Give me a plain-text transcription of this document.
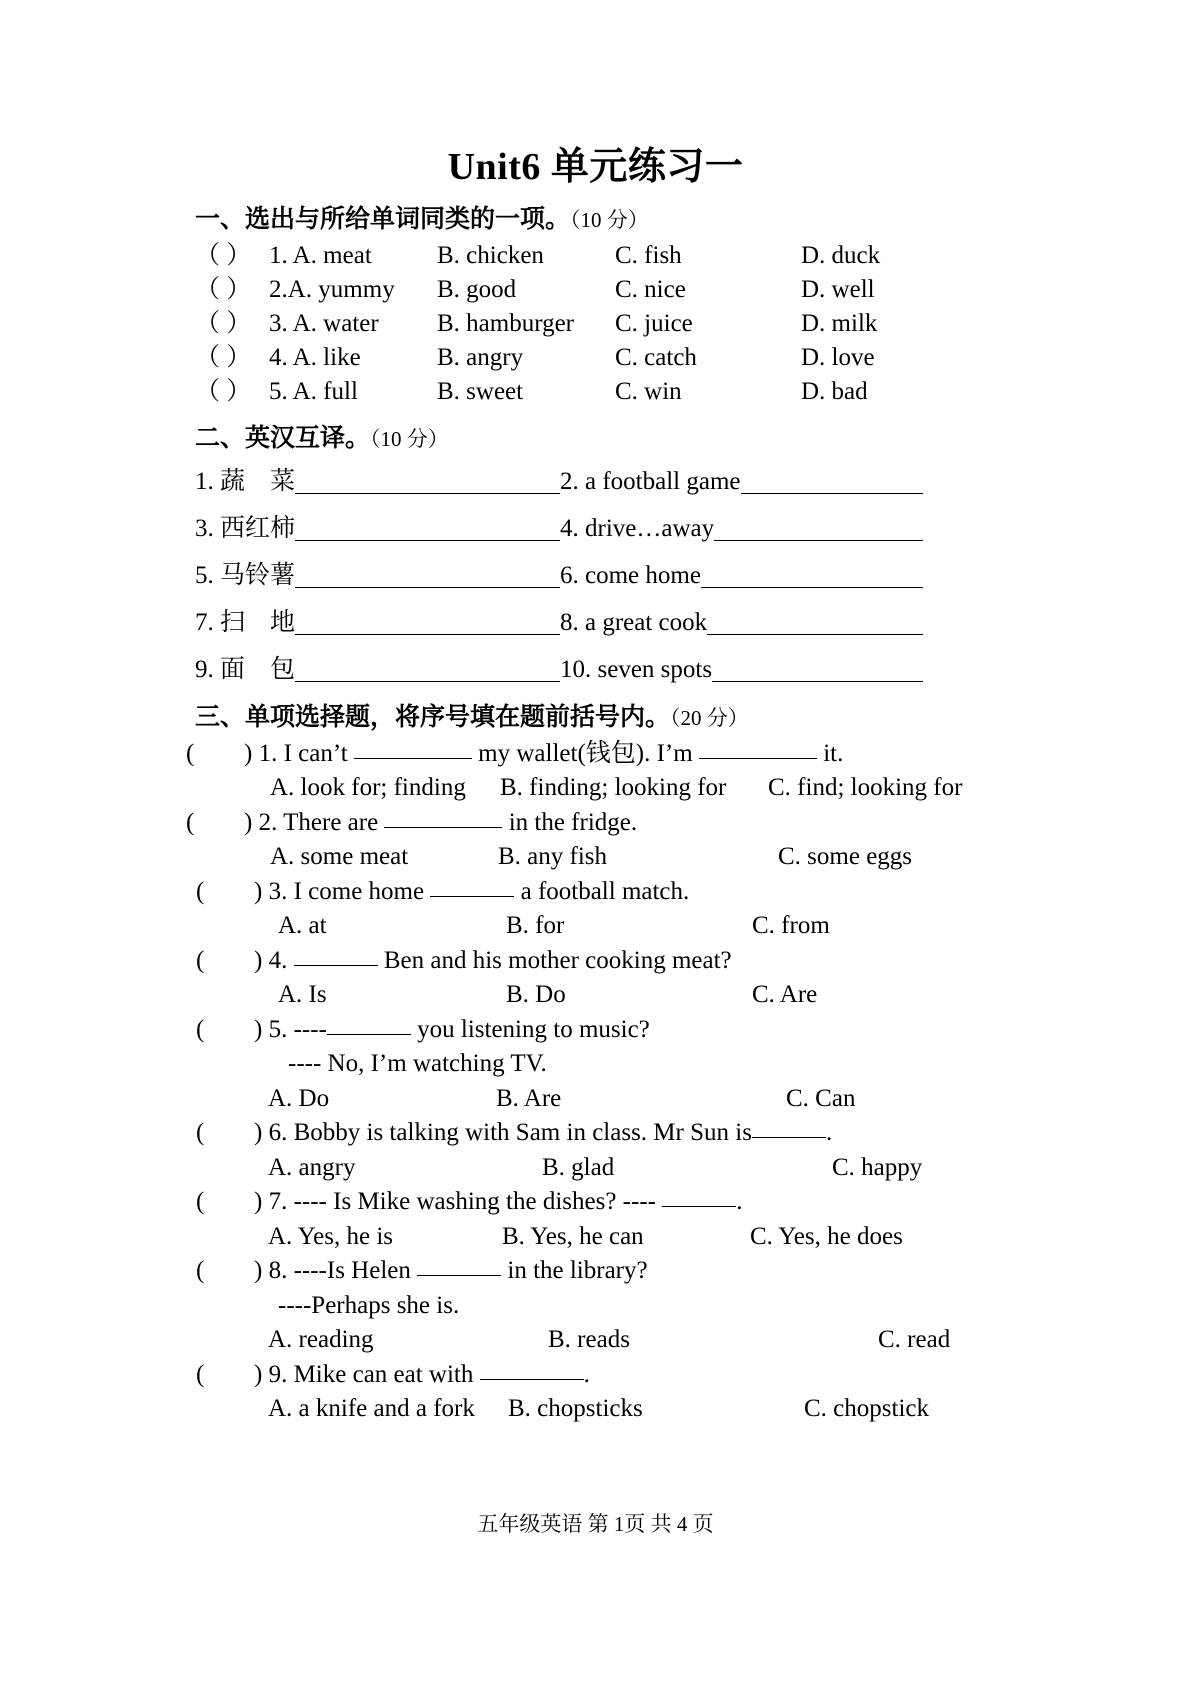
Unit6 单元练习一
一、选出与所给单词同类的一项。（10 分）
（ ） 1. A. meat	B. chicken	C. fish	D. duck
（ ） 2.A. yummy	B. good	C. nice	D. well
（ ） 3. A. water	B. hamburger	C. juice	D. milk
（ ） 4. A. like	B. angry	C. catch	D. love
（ ） 5. A. full	B. sweet	C. win	D. bad
二、英汉互译。（10 分）
1. 蔬　菜	2. a football game
3. 西红柿	4. drive…away
5. 马铃薯	6. come home
7. 扫　地	8. a great cook
9. 面　包	10. seven spots
三、单项选择题，将序号填在题前括号内。（20 分）
( ) 1. I can’t	my wallet(钱包). I’m	it.
A. look for; finding	B. finding; looking for	C. find; looking for
( ) 2. There are	in the fridge.
A. some meat	B. any fish	C. some eggs
( ) 3. I come home	a football match.
A. at	B. for	C. from
( ) 4.	Ben and his mother cooking meat?
A. Is	B. Do	C. Are
( ) 5. ----	you listening to music?
---- No, I’m watching TV.
A. Do	B. Are	C. Can
( ) 6. Bobby is talking with Sam in class. Mr Sun is	.
A. angry	B. glad	C. happy
( ) 7. ---- Is Mike washing the dishes? ----	.
A. Yes, he is	B. Yes, he can	C. Yes, he does
( ) 8. ----Is Helen	in the library?
----Perhaps she is.
A. reading	B. reads	C. read
( ) 9. Mike can eat with	.
A. a knife and a fork	B. chopsticks	C. chopstick
五年级英语 第 1页 共 4 页
